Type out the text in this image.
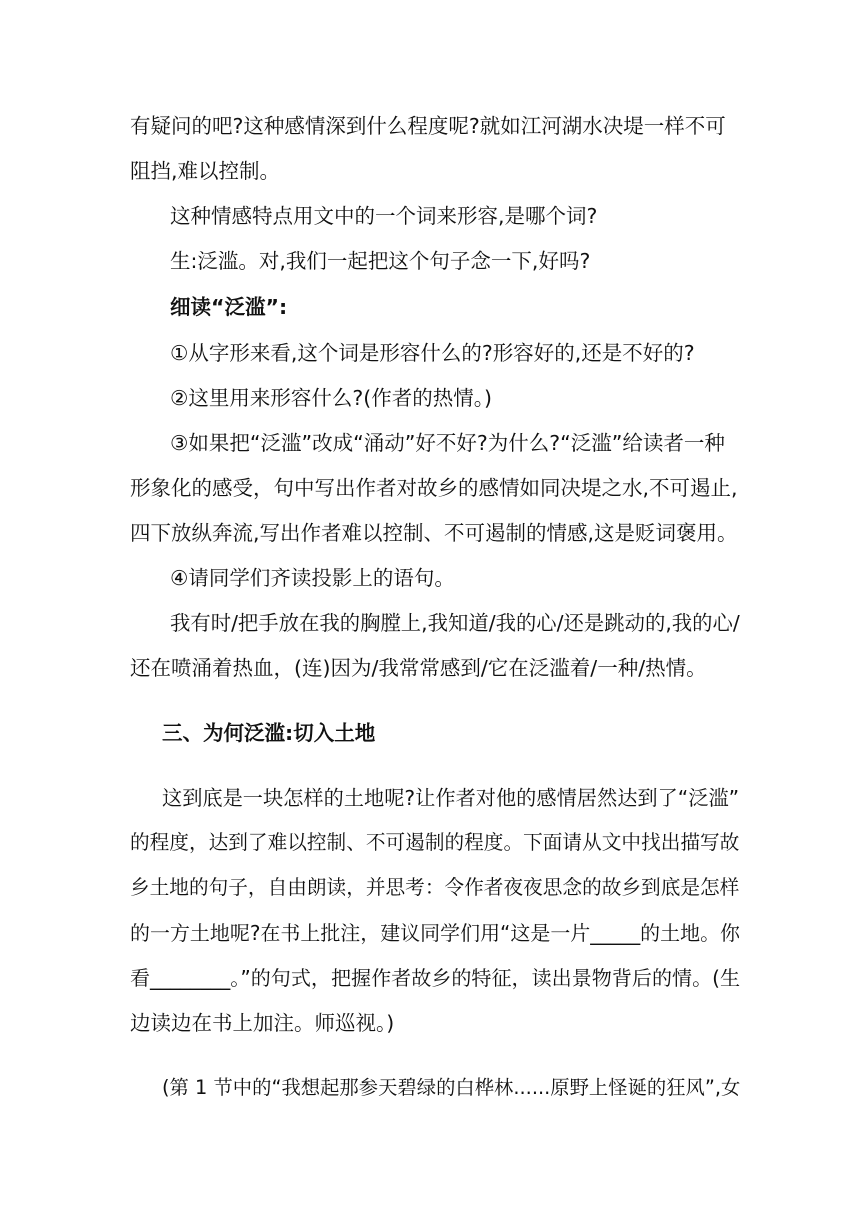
有疑问的吧?这种感情深到什么程度呢?就如江河湖水决堤一样不可
阻挡,难以控制。
这种情感特点用文中的一个词来形容,是哪个词?
生:泛滥。对,我们一起把这个句子念一下,好吗?
细读“泛滥”:
①从字形来看,这个词是形容什么的?形容好的,还是不好的?
②这里用来形容什么?(作者的热情。)
③如果把“泛滥”改成“涌动”好不好?为什么?“泛滥”给读者一种
形象化的感受，句中写出作者对故乡的感情如同决堤之水,不可遏止,
四下放纵奔流,写出作者难以控制、不可遏制的情感,这是贬词褒用。
④请同学们齐读投影上的语句。
我有时/把手放在我的胸膛上,我知道/我的心/还是跳动的,我的心/
还在喷涌着热血，(连)因为/我常常感到/它在泛滥着/一种/热情。
三、为何泛滥:切入土地
这到底是一块怎样的土地呢?让作者对他的感情居然达到了“泛滥”
的程度，达到了难以控制、不可遏制的程度。下面请从文中找出描写故
乡土地的句子，自由朗读，并思考：令作者夜夜思念的故乡到底是怎样
的一方土地呢?在书上批注，建议同学们用“这是一片_____的土地。你
看________。”的句式，把握作者故乡的特征，读出景物背后的情。(生
边读边在书上加注。师巡视。)
(第 1 节中的“我想起那参天碧绿的白桦林......原野上怪诞的狂风”,女
